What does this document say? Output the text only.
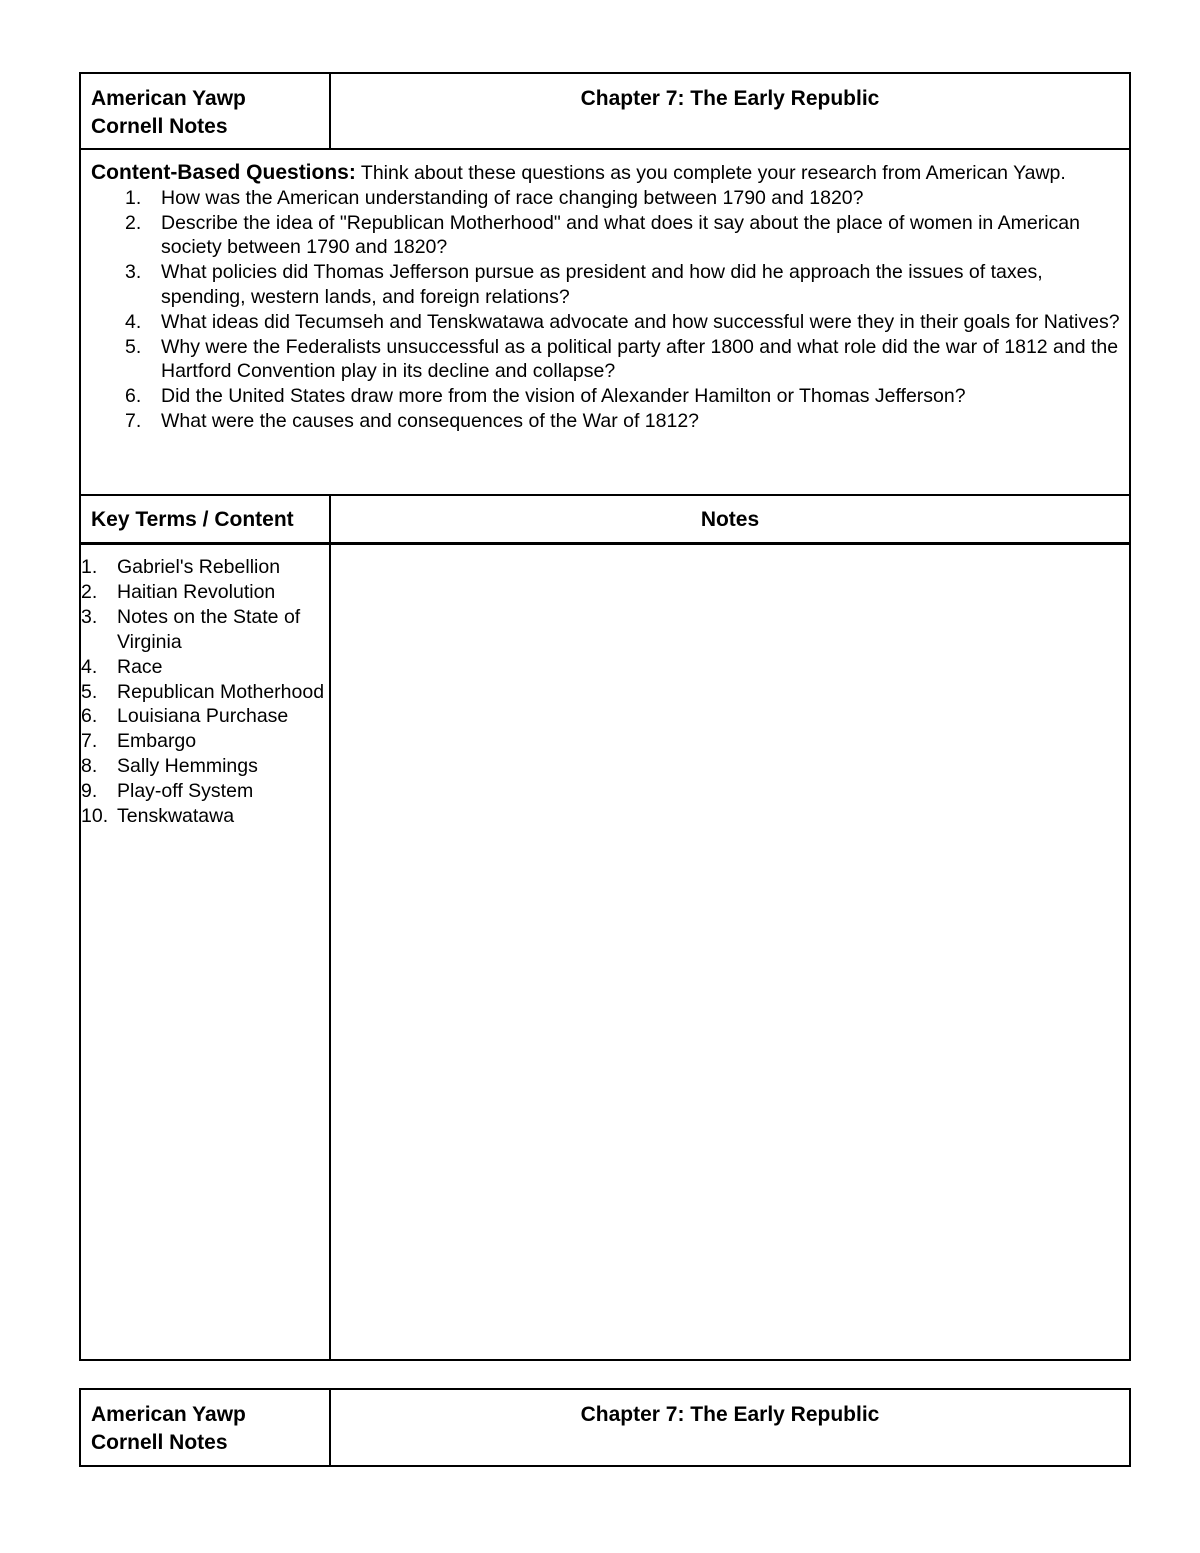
American Yawp
Cornell Notes
Chapter 7: The Early Republic
Content-Based Questions: Think about these questions as you complete your research from American Yawp.
1. How was the American understanding of race changing between 1790 and 1820?
2. Describe the idea of "Republican Motherhood" and what does it say about the place of women in American society between 1790 and 1820?
3. What policies did Thomas Jefferson pursue as president and how did he approach the issues of taxes, spending, western lands, and foreign relations?
4. What ideas did Tecumseh and Tenskwatawa advocate and how successful were they in their goals for Natives?
5. Why were the Federalists unsuccessful as a political party after 1800 and what role did the war of 1812 and the Hartford Convention play in its decline and collapse?
6. Did the United States draw more from the vision of Alexander Hamilton or Thomas Jefferson?
7. What were the causes and consequences of the War of 1812?
Key Terms / Content	Notes
1. Gabriel's Rebellion
2. Haitian Revolution
3. Notes on the State of Virginia
4. Race
5. Republican Motherhood
6. Louisiana Purchase
7. Embargo
8. Sally Hemmings
9. Play-off System
10. Tenskwatawa
American Yawp
Cornell Notes
Chapter 7: The Early Republic
